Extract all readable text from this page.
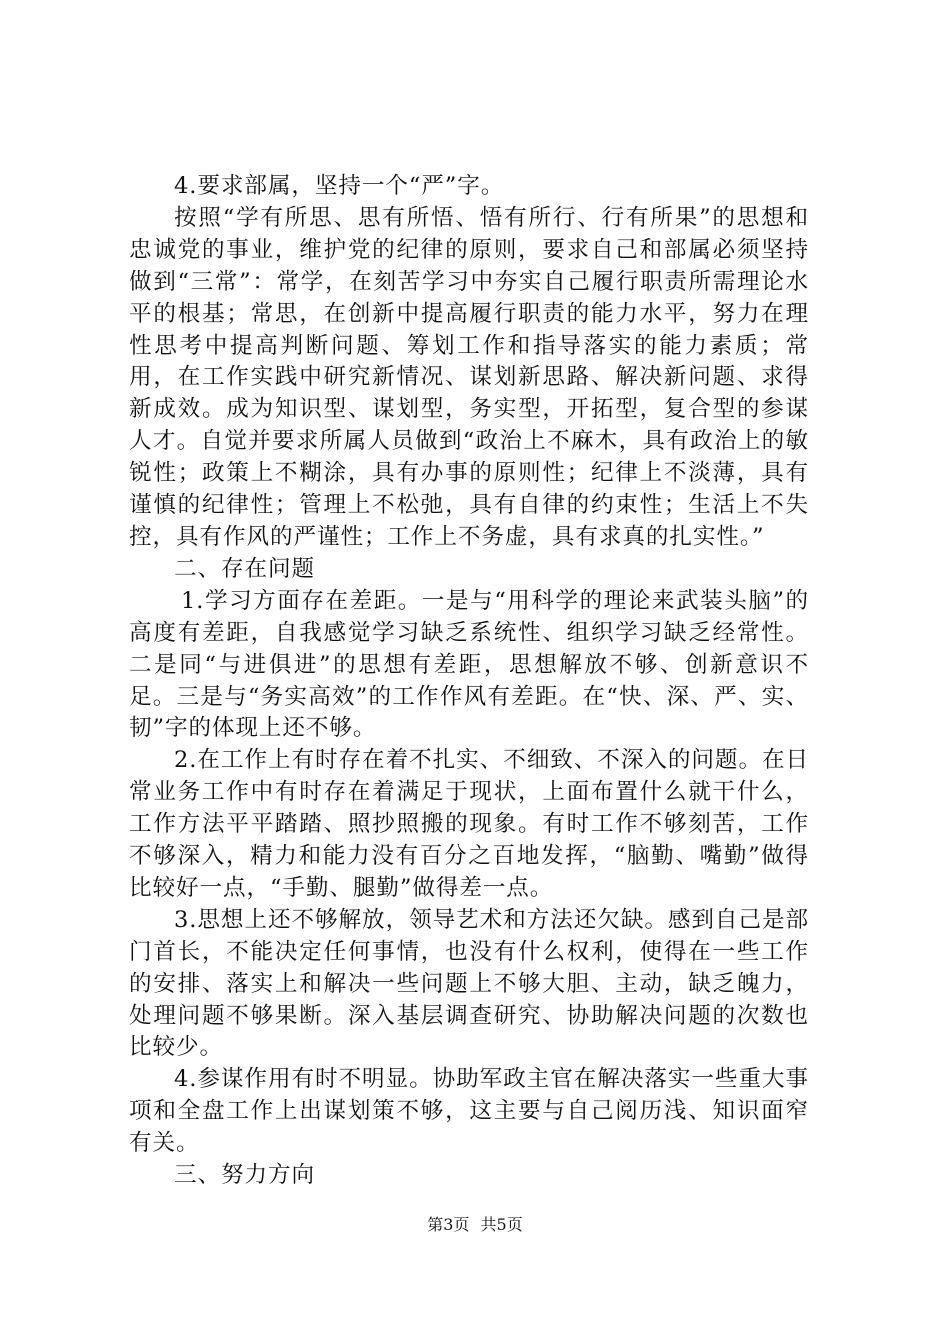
4.要求部属，坚持一个“严”字。

按照“学有所思、思有所悟、悟有所行、行有所果”的思想和忠诚党的事业，维护党的纪律的原则，要求自己和部属必须坚持做到“三常”：常学，在刻苦学习中夯实自己履行职责所需理论水平的根基；常思，在创新中提高履行职责的能力水平，努力在理性思考中提高判断问题、筹划工作和指导落实的能力素质；常用，在工作实践中研究新情况、谋划新思路、解决新问题、求得新成效。成为知识型、谋划型，务实型，开拓型，复合型的参谋人才。自觉并要求所属人员做到“政治上不麻木，具有政治上的敏锐性；政策上不糊涂，具有办事的原则性；纪律上不淡薄，具有谨慎的纪律性；管理上不松弛，具有自律的约束性；生活上不失控，具有作风的严谨性；工作上不务虚，具有求真的扎实性。”

二、存在问题

1.学习方面存在差距。一是与“用科学的理论来武装头脑”的高度有差距，自我感觉学习缺乏系统性、组织学习缺乏经常性。二是同“与进俱进”的思想有差距，思想解放不够、创新意识不足。三是与“务实高效”的工作作风有差距。在“快、深、严、实、韧”字的体现上还不够。

2.在工作上有时存在着不扎实、不细致、不深入的问题。在日常业务工作中有时存在着满足于现状，上面布置什么就干什么，工作方法平平踏踏、照抄照搬的现象。有时工作不够刻苦，工作不够深入，精力和能力没有百分之百地发挥，“脑勤、嘴勤”做得比较好一点，“手勤、腿勤”做得差一点。

3.思想上还不够解放，领导艺术和方法还欠缺。感到自己是部门首长，不能决定任何事情，也没有什么权利，使得在一些工作的安排、落实上和解决一些问题上不够大胆、主动，缺乏魄力，处理问题不够果断。深入基层调查研究、协助解决问题的次数也比较少。

4.参谋作用有时不明显。协助军政主官在解决落实一些重大事项和全盘工作上出谋划策不够，这主要与自己阅历浅、知识面窄有关。

三、努力方向

第3页 共5页
